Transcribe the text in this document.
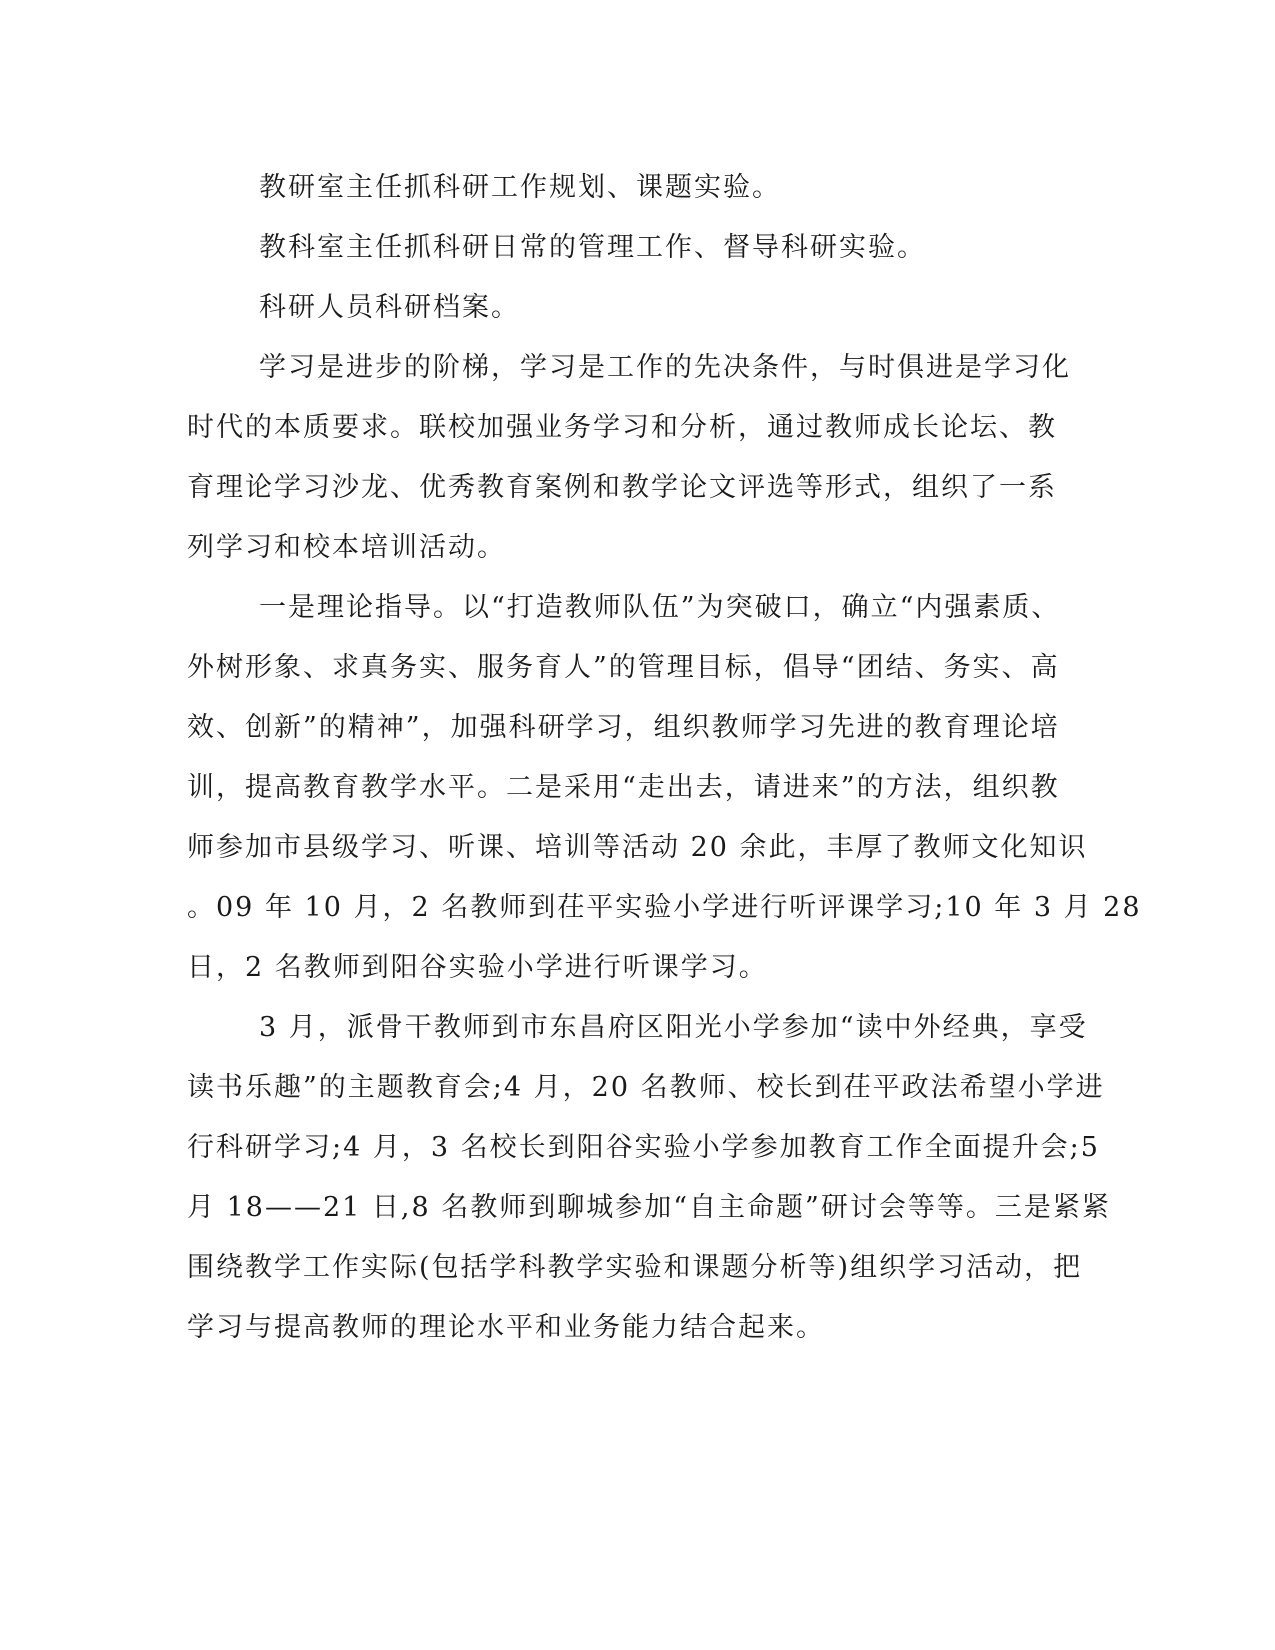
教研室主任抓科研工作规划、课题实验。

教科室主任抓科研日常的管理工作、督导科研实验。

科研人员科研档案。

学习是进步的阶梯，学习是工作的先决条件，与时俱进是学习化
时代的本质要求。联校加强业务学习和分析，通过教师成长论坛、教
育理论学习沙龙、优秀教育案例和教学论文评选等形式，组织了一系
列学习和校本培训活动。

一是理论指导。以“打造教师队伍”为突破口，确立“内强素质、
外树形象、求真务实、服务育人”的管理目标，倡导“团结、务实、高
效、创新”的精神”，加强科研学习，组织教师学习先进的教育理论培
训，提高教育教学水平。二是采用“走出去，请进来”的方法，组织教
师参加市县级学习、听课、培训等活动 20 余此，丰厚了教师文化知识
。09 年 10 月，2 名教师到茌平实验小学进行听评课学习;10 年 3 月 28
日，2 名教师到阳谷实验小学进行听课学习。

3 月，派骨干教师到市东昌府区阳光小学参加“读中外经典，享受
读书乐趣”的主题教育会;4 月，20 名教师、校长到茌平政法希望小学进
行科研学习;4 月，3 名校长到阳谷实验小学参加教育工作全面提升会;5
月 18——21 日,8 名教师到聊城参加“自主命题”研讨会等等。三是紧紧
围绕教学工作实际(包括学科教学实验和课题分析等)组织学习活动，把
学习与提高教师的理论水平和业务能力结合起来。
